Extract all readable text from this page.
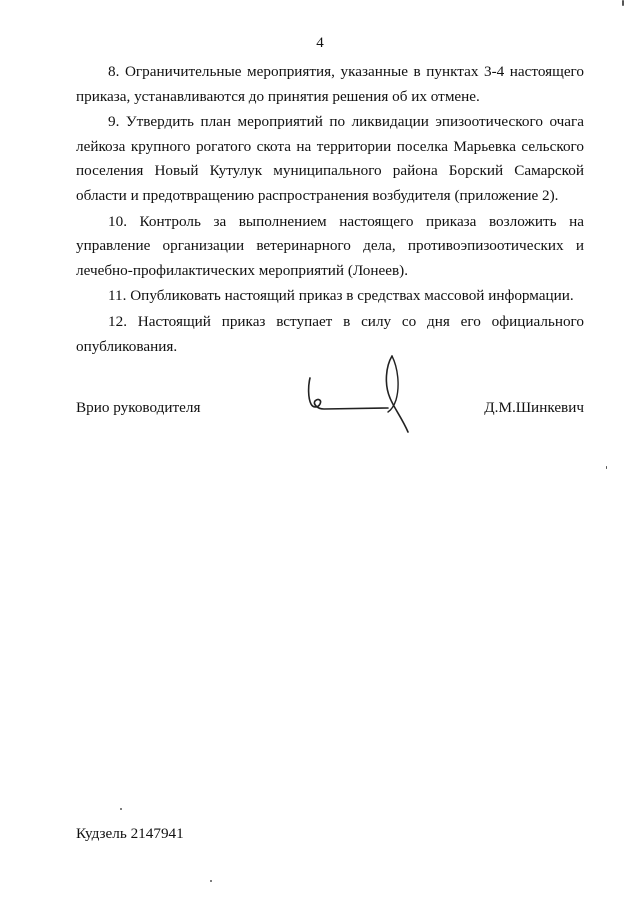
4

8. Ограничительные мероприятия, указанные в пунктах 3-4 настоящего приказа, устанавливаются до принятия решения об их отмене.

9. Утвердить план мероприятий по ликвидации эпизоотического очага лейкоза крупного рогатого скота на территории поселка Марьевка сельского поселения Новый Кутулук муниципального района Борский Самарской области и предотвращению распространения возбудителя (приложение 2).

10. Контроль за выполнением настоящего приказа возложить на управление организации ветеринарного дела, противоэпизоотических и лечебно-профилактических мероприятий (Лонеев).

11. Опубликовать настоящий приказ в средствах массовой информации.

12. Настоящий приказ вступает в силу со дня его официального опубликования.

Врио руководителя	Д.М.Шинкевич
Кудзель 2147941
